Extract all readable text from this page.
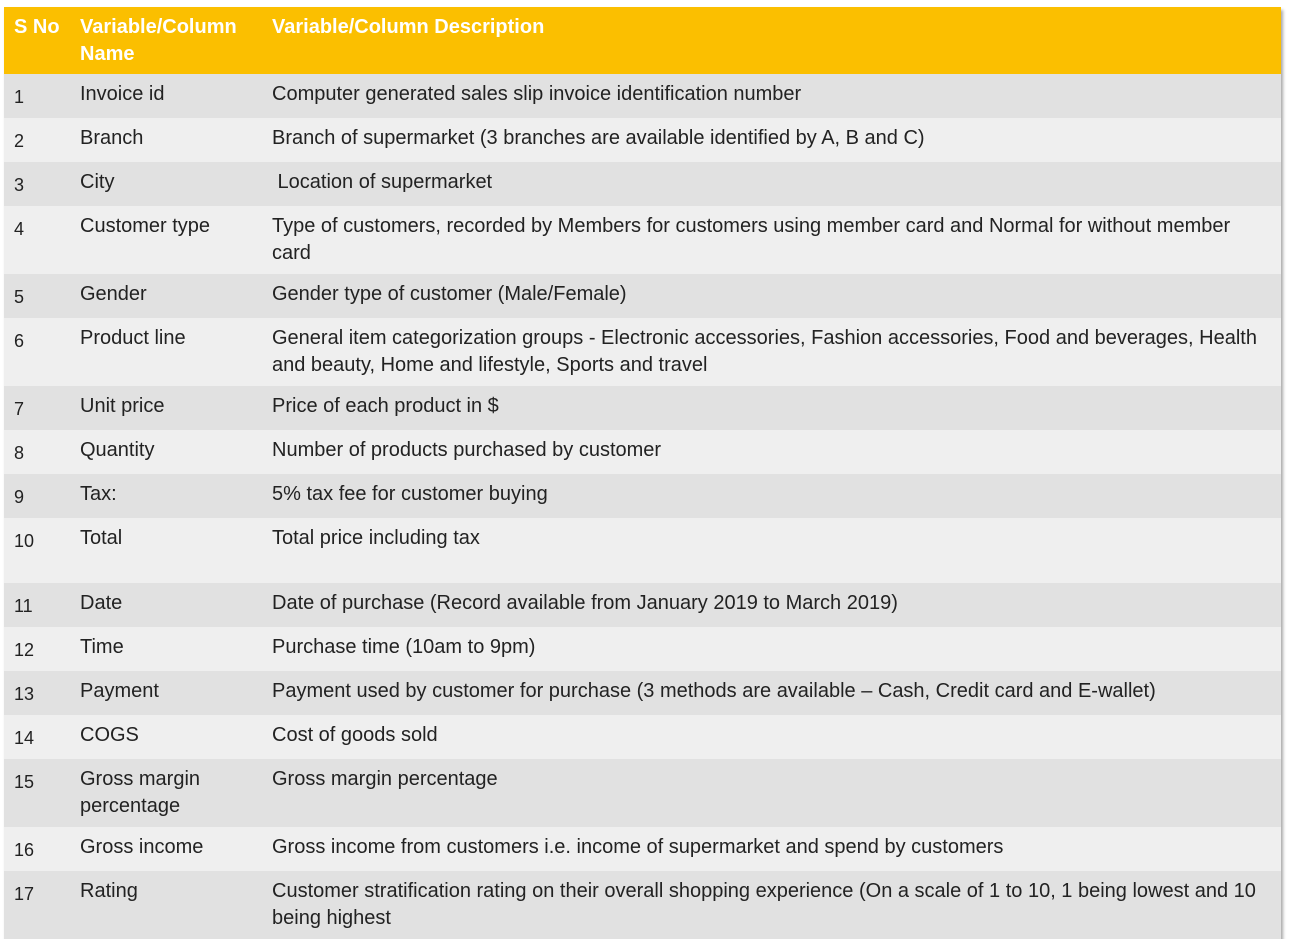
S No	Variable/Column Name	Variable/Column Description
1	Invoice id	Computer generated sales slip invoice identification number
2	Branch	Branch of supermarket (3 branches are available identified by A, B and C)
3	City	Location of supermarket
4	Customer type	Type of customers, recorded by Members for customers using member card and Normal for without member card
5	Gender	Gender type of customer (Male/Female)
6	Product line	General item categorization groups - Electronic accessories, Fashion accessories, Food and beverages, Health and beauty, Home and lifestyle, Sports and travel
7	Unit price	Price of each product in $
8	Quantity	Number of products purchased by customer
9	Tax:	5% tax fee for customer buying
10	Total	Total price including tax
11	Date	Date of purchase (Record available from January 2019 to March 2019)
12	Time	Purchase time (10am to 9pm)
13	Payment	Payment used by customer for purchase (3 methods are available – Cash, Credit card and E-wallet)
14	COGS	Cost of goods sold
15	Gross margin percentage	Gross margin percentage
16	Gross income	Gross income from customers i.e. income of supermarket and spend by customers
17	Rating	Customer stratification rating on their overall shopping experience (On a scale of 1 to 10, 1 being lowest and 10 being highest
